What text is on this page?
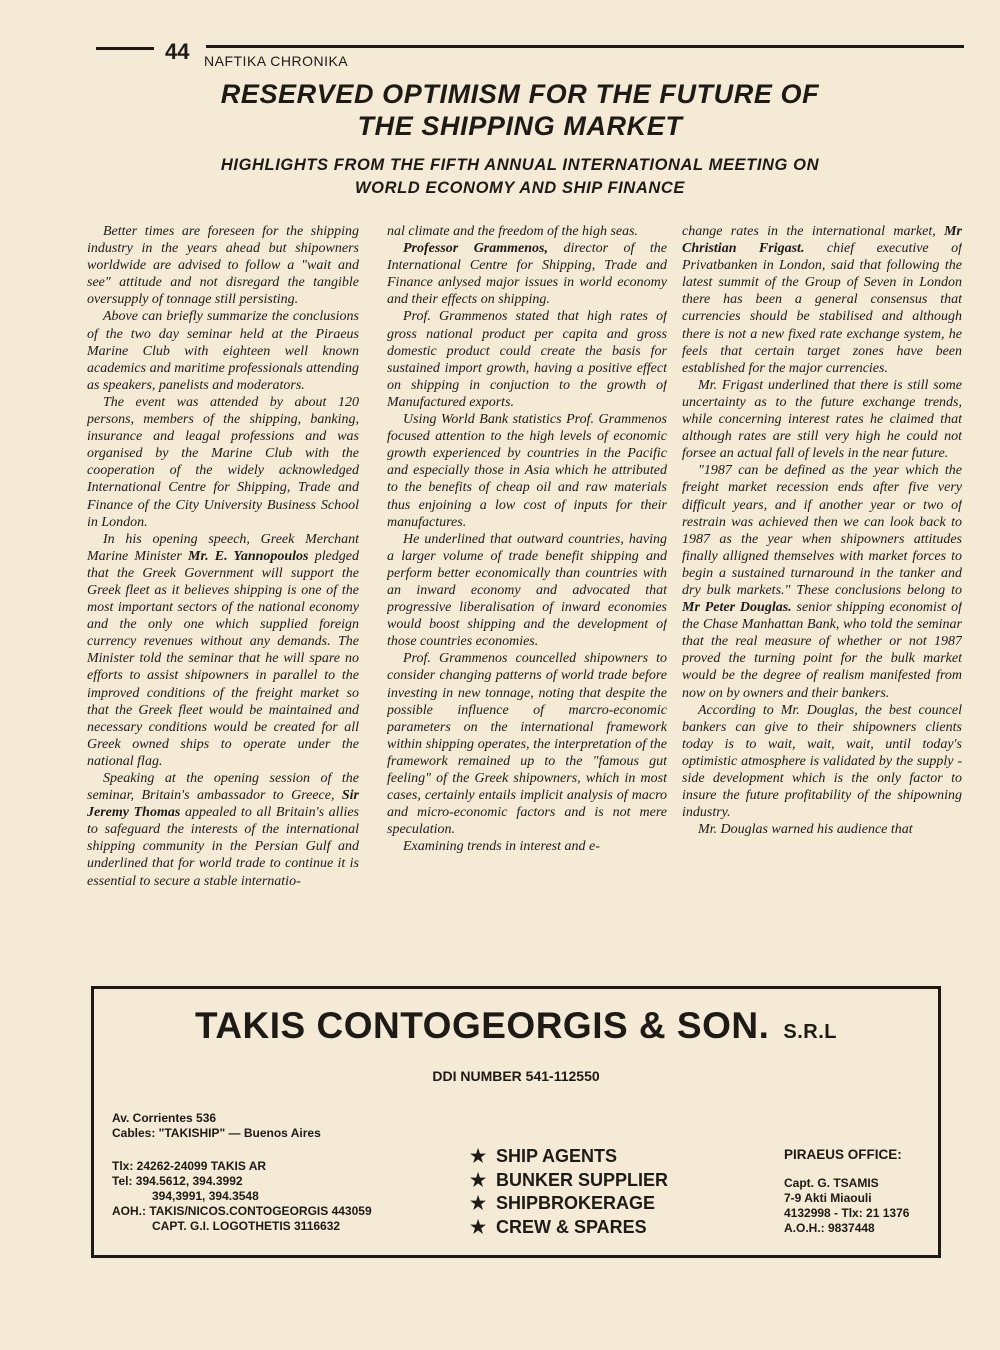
44 NAFTIKA CHRONIKA
RESERVED OPTIMISM FOR THE FUTURE OF
THE SHIPPING MARKET
HIGHLIGHTS FROM THE FIFTH ANNUAL INTERNATIONAL MEETING ON
WORLD ECONOMY AND SHIP FINANCE

Better times are foreseen for the shipping industry in the years ahead but shipowners worldwide are advised to follow a "wait and see" attitude and not disregard the tangible oversupply of tonnage still persisting.

Above can briefly summarize the conclusions of the two day seminar held at the Piraeus Marine Club with eighteen well known academics and maritime professionals attending as speakers, panelists and moderators.

The event was attended by about 120 persons, members of the shipping, banking, insurance and leagal professions and was organised by the Marine Club with the cooperation of the widely acknowledged International Centre for Shipping, Trade and Finance of the City University Business School in London.

In his opening speech, Greek Merchant Marine Minister Mr. E. Yannopoulos pledged that the Greek Government will support the Greek fleet as it believes shipping is one of the most important sectors of the national economy and the only one which supplied foreign currency revenues without any demands. The Minister told the seminar that he will spare no efforts to assist shipowners in parallel to the improved conditions of the freight market so that the Greek fleet would be maintained and necessary conditions would be created for all Greek owned ships to operate under the national flag.

Speaking at the opening session of the seminar, Britain's ambassador to Greece, Sir Jeremy Thomas appealed to all Britain's allies to safeguard the interests of the international shipping community in the Persian Gulf and underlined that for world trade to continue it is essential to secure a stable internatio-

nal climate and the freedom of the high seas.

Professor Grammenos, director of the International Centre for Shipping, Trade and Finance anlysed major issues in world economy and their effects on shipping.

Prof. Grammenos stated that high rates of gross national product per capita and gross domestic product could create the basis for sustained import growth, having a positive effect on shipping in conjuction to the growth of Manufactured exports.

Using World Bank statistics Prof. Grammenos focused attention to the high levels of economic growth experienced by countries in the Pacific and especially those in Asia which he attributed to the benefits of cheap oil and raw materials thus enjoining a low cost of inputs for their manufactures.

He underlined that outward countries, having a larger volume of trade benefit shipping and perform better economically than countries with an inward economy and advocated that progressive liberalisation of inward economies would boost shipping and the development of those countries economies.

Prof. Grammenos councelled shipowners to consider changing patterns of world trade before investing in new tonnage, noting that despite the possible influence of marcro-economic parameters on the international framework within shipping operates, the interpretation of the framework remained up to the "famous gut feeling" of the Greek shipowners, which in most cases, certainly entails implicit analysis of macro and micro-economic factors and is not mere speculation.

Examining trends in interest and e-

change rates in the international market, Mr Christian Frigast. chief executive of Privatbanken in London, said that following the latest summit of the Group of Seven in London there has been a general consensus that currencies should be stabilised and although there is not a new fixed rate exchange system, he feels that certain target zones have been established for the major currencies.

Mr. Frigast underlined that there is still some uncertainty as to the future exchange trends, while concerning interest rates he claimed that although rates are still very high he could not forsee an actual fall of levels in the near future.

"1987 can be defined as the year which the freight market recession ends after five very difficult years, and if another year or two of restrain was achieved then we can look back to 1987 as the year when shipowners attitudes finally alligned themselves with market forces to begin a sustained turnaround in the tanker and dry bulk markets." These conclusions belong to Mr Peter Douglas. senior shipping economist of the Chase Manhattan Bank, who told the seminar that the real measure of whether or not 1987 proved the turning point for the bulk market would be the degree of realism manifested from now on by owners and their bankers.

According to Mr. Douglas, the best councel bankers can give to their shipowners clients today is to wait, wait, wait, until today's optimistic atmosphere is validated by the supply - side development which is the only factor to insure the future profitability of the shipowning industry.

Mr. Douglas warned his audience that

TAKIS CONTOGEORGIS & SON. S.R.L
DDI NUMBER 541-112550
Av. Corrientes 536
Cables: "TAKISHIP" — Buenos Aires
Tlx: 24262-24099 TAKIS AR
Tel: 394.5612, 394.3992
394,3991, 394.3548
AOH.: TAKIS/NICOS.CONTOGEORGIS 443059
CAPT. G.I. LOGOTHETIS 3116632
★ SHIP AGENTS
★ BUNKER SUPPLIER
★ SHIPBROKERAGE
★ CREW & SPARES
PIRAEUS OFFICE:
Capt. G. TSAMIS
7-9 Akti Miaouli
4132998 - Tlx: 21 1376
A.O.H.: 9837448
